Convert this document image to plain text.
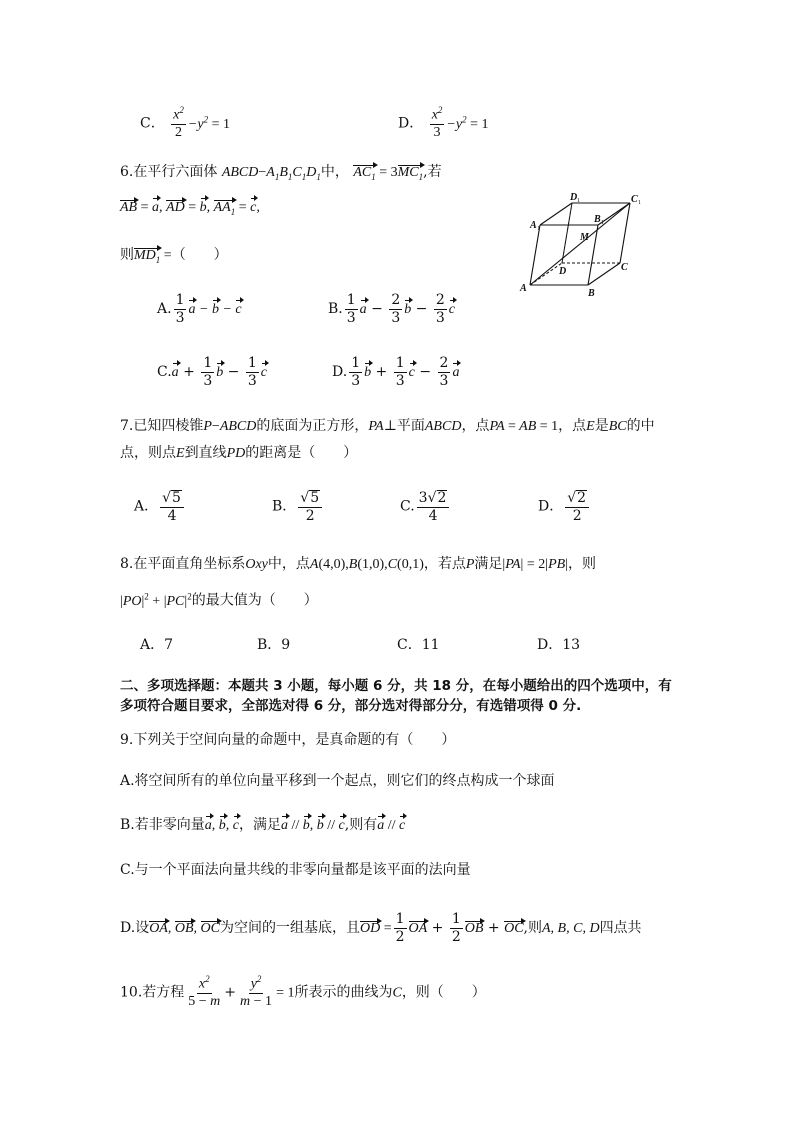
C． $\frac{x^2}{2} -y^2 = 1$	D． $\frac{x^2}{3} -y^2 = 1$
6.在平行六面体 $ABCD-A_1B_1C_1D_1$中， $AC_1 = 3MC_1$,若
AB = a, AD = b, $AA_1 = c$,
则$MD_1$ =（　　）
A. $\frac{1}{3}$ a − b − c	B. $\frac{1}{3}$ $a - \frac{2}{3}$ $b - \frac{2}{3}$ c
$C.a + \frac{1}{3}$ $b - \frac{1}{3}$ c	D. $\frac{1}{3}$ $b + \frac{1}{3}$ $c - \frac{2}{3}$ a
A	B
C
D
A
B
C
D
M
1
1
1
1
7.已知四棱锥P−ABCD的底面为正方形，PA⊥平面ABCD，点PA = AB = 1，点E是BC的中
点，则点E到直线PD的距离是（　　）
A． $\frac{√5}{4}$	B． $\frac{√5}{2}$	C. $\frac{3√2}{4}$	D． $\frac{√2}{2}$
8.在平面直角坐标系Oxy中，点A(4,0),B(1,0),C(0,1)，若点P满足|PA| = 2|PB|，则
$|PO|^2 + |PC|^2$的最大值为（　　）
A．7	B．9	C．11	D．13
二、多项选择题：本题共 3 小题，每小题 6 分，共 18 分，在每小题给出的四个选项中，有
多项符合题目要求，全部选对得 6 分，部分选对得部分分，有选错项得 0 分.
9.下列关于空间向量的命题中，是真命题的有（　　）
A.将空间所有的单位向量平移到一个起点，则它们的终点构成一个球面
B.若非零向量a, b, c，满足a // b, b // c,则有a // c
C.与一个平面法向量共线的非零向量都是该平面的法向量
D.设OA, OB, OC为空间的一组基底，且OD = $\frac{1}{2}$ OA + $\frac{1}{2}$ OB + OC,则A, B, C, D四点共
10.若方程 $\frac{x^2}{5 - m} + \frac{y^2}{m - 1} = 1$所表示的曲线为C，则（　　）
